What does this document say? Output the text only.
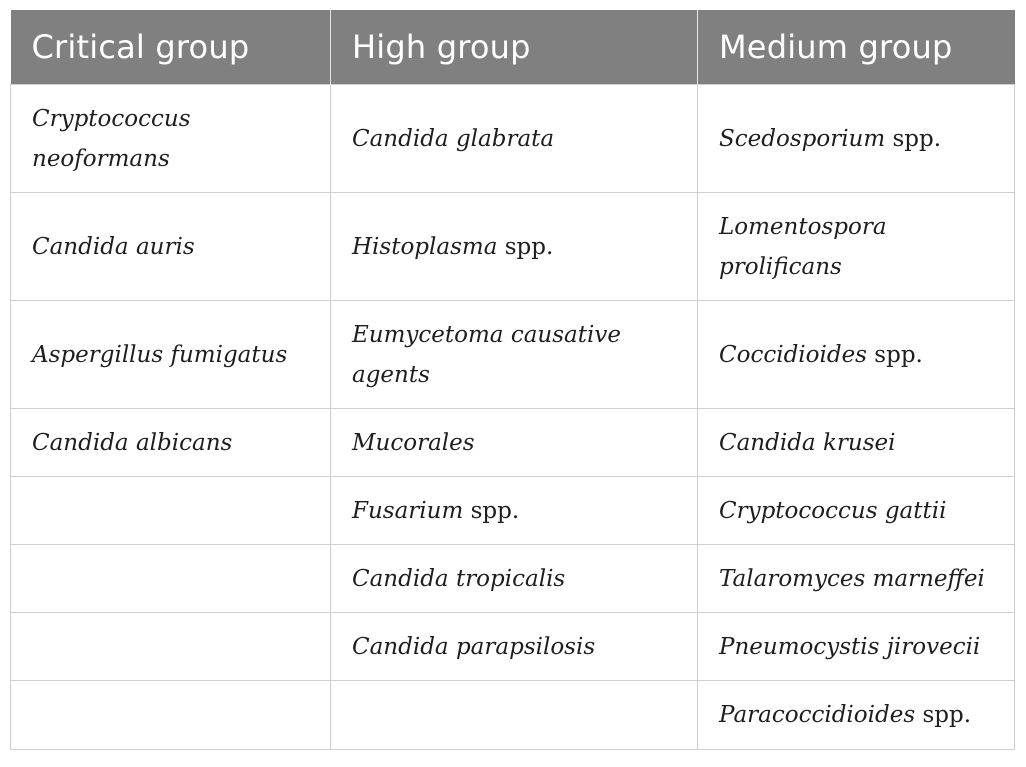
Critical group	High group	Medium group
Cryptococcus neoformans	Candida glabrata	Scedosporium spp.
Candida auris	Histoplasma spp.	Lomentospora prolificans
Aspergillus fumigatus	Eumycetoma causative agents	Coccidioides spp.
Candida albicans	Mucorales	Candida krusei
	Fusarium spp.	Cryptococcus gattii
	Candida tropicalis	Talaromyces marneffei
	Candida parapsilosis	Pneumocystis jirovecii
		Paracoccidioides spp.
